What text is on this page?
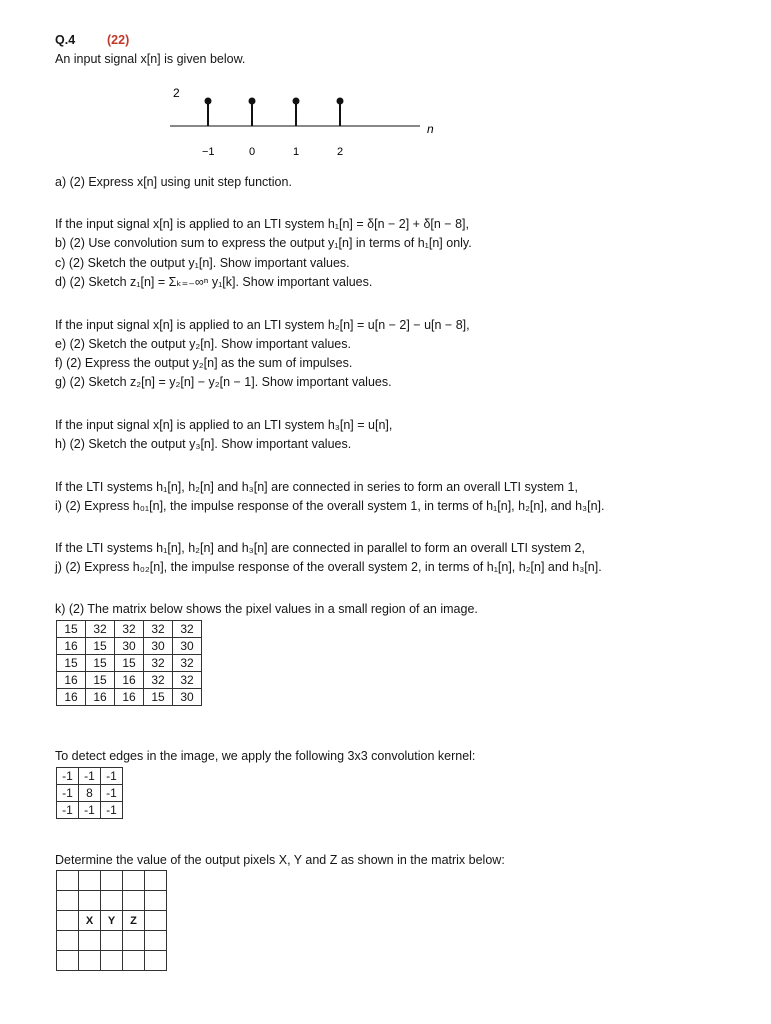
Q.4	(22)
An input signal x[n] is given below.
2
n
−1	0	1	2
a) (2) Express x[n] using unit step function.
If the input signal x[n] is applied to an LTI system h₁[n] = δ[n − 2] + δ[n − 8],
b) (2) Use convolution sum to express the output y₁[n] in terms of h₁[n] only.
c) (2) Sketch the output y₁[n]. Show important values.
d) (2) Sketch z₁[n] = Σₖ₌₋∞ⁿ y₁[k]. Show important values.
If the input signal x[n] is applied to an LTI system h₂[n] = u[n − 2] − u[n − 8],
e) (2) Sketch the output y₂[n]. Show important values.
f) (2) Express the output y₂[n] as the sum of impulses.
g) (2) Sketch z₂[n] = y₂[n] − y₂[n − 1]. Show important values.
If the input signal x[n] is applied to an LTI system h₃[n] = u[n],
h) (2) Sketch the output y₃[n]. Show important values.
If the LTI systems h₁[n], h₂[n] and h₃[n] are connected in series to form an overall LTI system 1,
i) (2) Express h₀₁[n], the impulse response of the overall system 1, in terms of h₁[n], h₂[n], and h₃[n].
If the LTI systems h₁[n], h₂[n] and h₃[n] are connected in parallel to form an overall LTI system 2,
j) (2) Express h₀₂[n], the impulse response of the overall system 2, in terms of h₁[n], h₂[n] and h₃[n].
k) (2) The matrix below shows the pixel values in a small region of an image.
15	32	32	32	32
16	15	30	30	30
15	15	15	32	32
16	15	16	32	32
16	16	16	15	30
To detect edges in the image, we apply the following 3x3 convolution kernel:
-1	-1	-1
-1	8	-1
-1	-1	-1
Determine the value of the output pixels X, Y and Z as shown in the matrix below:

	X	Y	Z	
